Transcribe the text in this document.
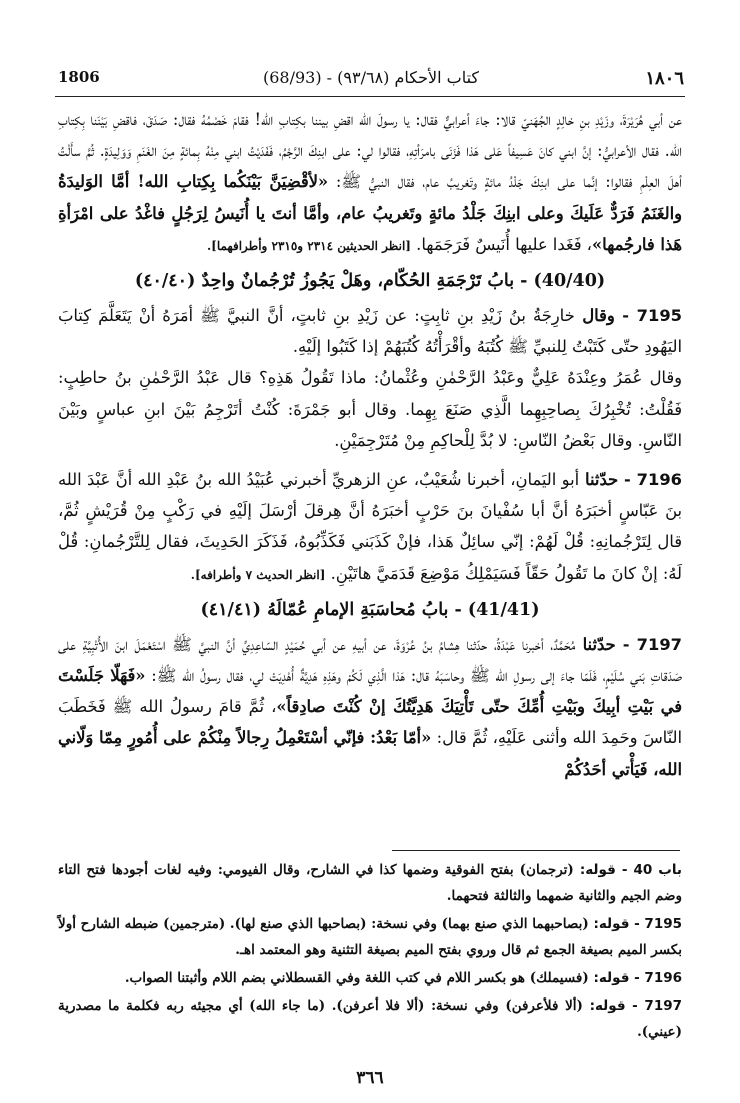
1806	(68/93) - كتاب الأحكام (٩٣/٦٨)	١٨٠٦

عن أبي هُرَيْرَةَ، وزَيْدِ بنِ خالِدٍ الجُهَنيّ قالا: جاءَ أعرابيٌّ فقال: يا رسولَ الله اقضِ بيننا بكِتابِ الله! فقامَ خَصْمُهُ فقال: صَدَقَ، فاقضِ بَيْنَنا بِكِتابِ الله. فقال الأعرابيُّ: إنَّ ابني كانَ عَسِيفاً عَلى هَذا فَزَنَى بامرَأتِهِ، فقالوا لي: على ابنِكَ الرَّجْمُ، فَفَدَيْتُ ابني مِنْهُ بِمائةٍ مِنَ الغَنَمِ وَوَلِيدَةٍ. ثُمَّ سأَلْتُ أهلَ العِلْمِ فقالوا: إنَّما على ابنِكَ جَلْدُ مائةٍ وتَغريبُ عام، فقال النبيُّ ﷺ: «لأقْضِيَنَّ بَيْنَكُما بِكِتابِ الله! أمَّا الوَليدَةُ والغَنَمُ فَرَدٌّ عَلَيكَ وعلى ابنِكَ جَلْدُ مائةٍ وتَغريبُ عام، وأمَّا أنتَ يا أُنَيسُ لِرَجُلٍ فاغْدُ على امْرَأةِ هَذا فارجُمها»، فَغَدا عليها أُنَيسٌ فَرَجَمَها. [انظر الحديثين ٢٣١٤ و٢٣١٥ وأطرافهما].

(40/40) - بابُ تَرْجَمَةِ الحُكّام، وهَلْ يَجُوزُ تُرْجُمانٌ واحِدٌ (٤٠/٤٠)

7195 - وقال خارِجَةُ بنُ زَيْدِ بنِ ثابِتٍ: عن زَيْدِ بنِ ثابتٍ، أنَّ النبيَّ ﷺ أمَرَهُ أنْ يَتَعَلَّمَ كِتابَ اليَهُودِ حتّى كَتَبْتُ لِلنبيِّ ﷺ كُتُبَهُ وأقْرَأْتُهُ كُتُبَهُمْ إذا كَتَبُوا إلَيْهِ.

وقال عُمَرُ وعِنْدَهُ عَلِيٌّ وعَبْدُ الرَّحْمٰنِ وعُثْمانُ: ماذا تَقُولُ هَذِهِ؟ قال عَبْدُ الرَّحْمٰنِ بنُ حاطِبٍ: فَقُلْتُ: تُخْبِرُكَ بِصاحِبِهِما الَّذِي صَنَعَ بِهِما. وقال أبو جَمْرَةَ: كُنْتُ أتَرْجِمُ بَيْنَ ابنِ عباسٍ وبَيْنَ النّاسِ. وقال بَعْضُ النّاسِ: لا بُدَّ لِلْحاكِمِ مِنْ مُتَرْجِمَيْنِ.

7196 - حدّثنا أبو اليَمانِ، أخبرنا شُعَيْبٌ، عنِ الزهريِّ أخبرني عُبَيْدُ الله بنُ عَبْدِ الله أنَّ عَبْدَ الله بنَ عَبّاسٍ أخبَرَهُ أنَّ أبا سُفْيانَ بنَ حَرْبٍ أخبَرَهُ أنَّ هِرقلَ أرْسَلَ إلَيْهِ في رَكْبٍ مِنْ قُرَيْشٍ ثُمَّ، قال لِتَرْجُمانِهِ: قُلْ لَهُمْ: إنّي سائِلٌ هَذا، فإنْ كَذَبَني فَكَذِّبُوهُ، فَذَكَرَ الحَدِيثَ، فقال لِلتَّرْجُمانِ: قُلْ لَهُ: إنْ كانَ ما تَقُولُ حَقّاً فَسَيَمْلِكُ مَوْضِعَ قَدَمَيَّ هاتَيْنِ. [انظر الحديث ٧ وأطرافه].

(41/41) - بابُ مُحاسَبَةِ الإمامِ عُمّالَهُ (٤١/٤١)

7197 - حدّثنا مُحَمَّدٌ، أخبرنا عَبْدَةُ، حدّثنا هِشامُ بنُ عُرْوَةَ، عن أبيهِ عن أبي حُمَيْدٍ السّاعِدِيِّ أنَّ النبيَّ ﷺ اسْتَعْمَلَ ابنَ الأُتْبِيَّةِ على صَدَقاتِ بَني سُلَيْمٍ، فَلَمّا جاءَ إلى رسولِ الله ﷺ وحاسَبَهُ قال: هَذا الَّذِي لَكُمْ وهَذِهِ هَدِيَّةٌ أُهْدِيَتْ لي، فقال رسولُ الله ﷺ: «فَهَلّا جَلَسْتَ في بَيْتِ أبِيكَ وبَيْتِ أُمِّكَ حتّى تَأْتِيَكَ هَدِيَّتُكَ إنْ كُنْتَ صادِقاً»، ثُمَّ قامَ رسولُ الله ﷺ فَخَطَبَ النّاسَ وحَمِدَ الله وأثنى عَلَيْهِ، ثُمَّ قال: «أمّا بَعْدُ: فإنّي أسْتَعْمِلُ رِجالاً مِنْكُمْ على أُمُورٍ مِمّا وَلّاني الله، فَيَأْتي أحَدُكُمْ

باب 40 - قوله: (ترجمان) بفتح الفوقية وضمها كذا في الشارح، وقال الفيومي: وفيه لغات أجودها فتح التاء وضم الجيم والثانية ضمهما والثالثة فتحهما.

7195 - قوله: (بصاحبهما الذي صنع بهما) وفي نسخة: (بصاحبها الذي صنع لها). (مترجمين) ضبطه الشارح أولاً بكسر الميم بصيغة الجمع ثم قال وروي بفتح الميم بصيغة التثنية وهو المعتمد اهـ.

7196 - قوله: (فسيملك) هو بكسر اللام في كتب اللغة وفي القسطلاني بضم اللام وأثبتنا الصواب.

7197 - قوله: (ألا فلأعرفن) وفي نسخة: (ألا فلا أعرفن). (ما جاء الله) أي مجيئه ربه فكلمة ما مصدرية (عيني).

٣٦٦
